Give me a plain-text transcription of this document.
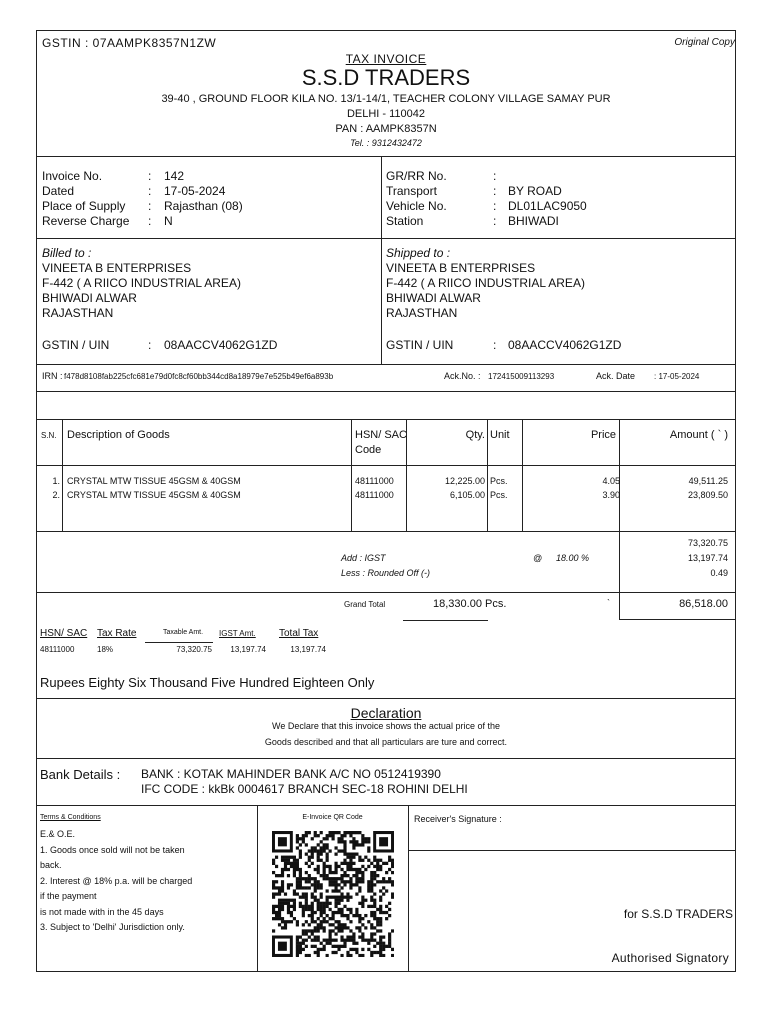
GSTIN : 07AAMPK8357N1ZW	Original Copy
TAX INVOICE
S.S.D TRADERS
39-40 , GROUND FLOOR KILA NO. 13/1-14/1, TEACHER COLONY VILLAGE SAMAY PUR
DELHI - 110042
PAN : AAMPK8357N
Tel. : 9312432472
Invoice No.	: 142
Dated	: 17-05-2024
Place of Supply : Rajasthan (08)
Reverse Charge : N
GR/RR No.	:
Transport	: BY ROAD
Vehicle No.	: DL01LAC9050
Station	: BHIWADI
Billed to :
VINEETA B ENTERPRISES
F-442 ( A RIICO INDUSTRIAL AREA)
BHIWADI ALWAR
RAJASTHAN
GSTIN / UIN	: 08AACCV4062G1ZD
Shipped to :
VINEETA B ENTERPRISES
F-442 ( A RIICO INDUSTRIAL AREA)
BHIWADI ALWAR
RAJASTHAN
GSTIN / UIN	: 08AACCV4062G1ZD
IRN : f478d8108fab225cfc681e79d0fc8cf60bb344cd8a18979e7e525b49ef6a893b	Ack.No. : 172415009113293	Ack. Date : 17-05-2024
S.N. Description of Goods	HSN/ SAC
Code
Qty. Unit	Price	Amount ( ` )
1. CRYSTAL MTW TISSUE 45GSM & 40GSM	48111000	12,225.00 Pcs.	4.05	49,511.25
2. CRYSTAL MTW TISSUE 45GSM & 40GSM	48111000	6,105.00 Pcs.	3.90	23,809.50
73,320.75
Add : IGST	@ 18.00 %	13,197.74
Less : Rounded Off (-)	0.49
Grand Total	18,330.00 Pcs.	`	86,518.00
HSN/ SAC Tax Rate	Taxable Amt. IGST Amt. Total Tax
48111000	18%	73,320.75	13,197.74	13,197.74
Rupees Eighty Six Thousand Five Hundred Eighteen Only
Declaration
We Declare that this invoice shows the actual price of the
Goods described and that all particulars are ture and correct.
Bank Details : BANK : KOTAK MAHINDER BANK A/C NO 0512419390
IFC CODE : kkBk 0004617 BRANCH SEC-18 ROHINI DELHI
Terms & Conditions
E.& O.E.
1. Goods once sold will not be taken
back.
2. Interest @ 18% p.a. will be charged
if the payment
is not made with in the 45 days
3. Subject to 'Delhi' Jurisdiction only.
E-Invoice QR Code	Receiver's Signature :
for S.S.D TRADERS
Authorised Signatory
